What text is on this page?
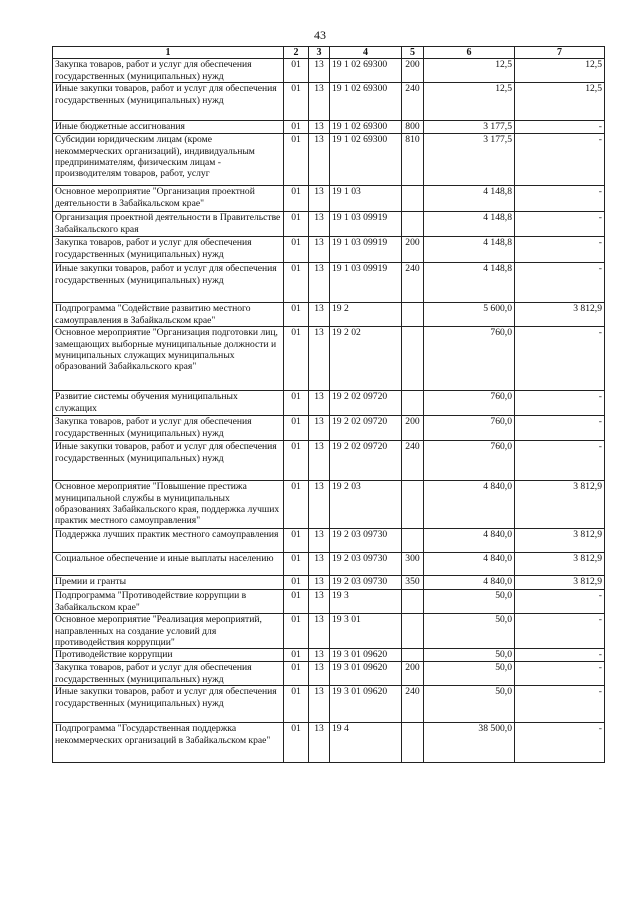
43
1	2	3	4	5	6	7
Закупка товаров, работ и услуг для обеспечения государственных (муниципальных) нужд	01	13	19 1 02 69300	200	12,5	12,5
Иные закупки товаров, работ и услуг для обеспечения государственных (муниципальных) нужд	01	13	19 1 02 69300	240	12,5	12,5
Иные бюджетные ассигнования	01	13	19 1 02 69300	800	3 177,5	-
Субсидии юридическим лицам (кроме некоммерческих организаций), индивидуальным предпринимателям, физическим лицам - производителям товаров, работ, услуг	01	13	19 1 02 69300	810	3 177,5	-
Основное мероприятие "Организация проектной деятельности в Забайкальском крае"	01	13	19 1 03		4 148,8	-
Организация проектной деятельности в Правительстве Забайкальского края	01	13	19 1 03 09919		4 148,8	-
Закупка товаров, работ и услуг для обеспечения государственных (муниципальных) нужд	01	13	19 1 03 09919	200	4 148,8	-
Иные закупки товаров, работ и услуг для обеспечения государственных (муниципальных) нужд	01	13	19 1 03 09919	240	4 148,8	-
Подпрограмма "Содействие развитию местного самоуправления в Забайкальском крае"	01	13	19 2		5 600,0	3 812,9
Основное мероприятие "Организация подготовки лиц, замещающих выборные муниципальные должности и муниципальных служащих муниципальных образований Забайкальского края"	01	13	19 2 02		760,0	-
Развитие системы обучения муниципальных служащих	01	13	19 2 02 09720		760,0	-
Закупка товаров, работ и услуг для обеспечения государственных (муниципальных) нужд	01	13	19 2 02 09720	200	760,0	-
Иные закупки товаров, работ и услуг для обеспечения государственных (муниципальных) нужд	01	13	19 2 02 09720	240	760,0	-
Основное мероприятие "Повышение престижа муниципальной службы в муниципальных образованиях Забайкальского края, поддержка лучших практик местного самоуправления"	01	13	19 2 03		4 840,0	3 812,9
Поддержка лучших практик местного самоуправления	01	13	19 2 03 09730		4 840,0	3 812,9
Социальное обеспечение и иные выплаты населению	01	13	19 2 03 09730	300	4 840,0	3 812,9
Премии и гранты	01	13	19 2 03 09730	350	4 840,0	3 812,9
Подпрограмма "Противодействие коррупции в Забайкальском крае"	01	13	19 3		50,0	-
Основное мероприятие "Реализация мероприятий, направленных на создание условий для противодействия коррупции"	01	13	19 3 01		50,0	-
Противодействие коррупции	01	13	19 3 01 09620		50,0	-
Закупка товаров, работ и услуг для обеспечения государственных (муниципальных) нужд	01	13	19 3 01 09620	200	50,0	-
Иные закупки товаров, работ и услуг для обеспечения государственных (муниципальных) нужд	01	13	19 3 01 09620	240	50,0	-
Подпрограмма "Государственная поддержка некоммерческих организаций в Забайкальском крае"	01	13	19 4		38 500,0	-
